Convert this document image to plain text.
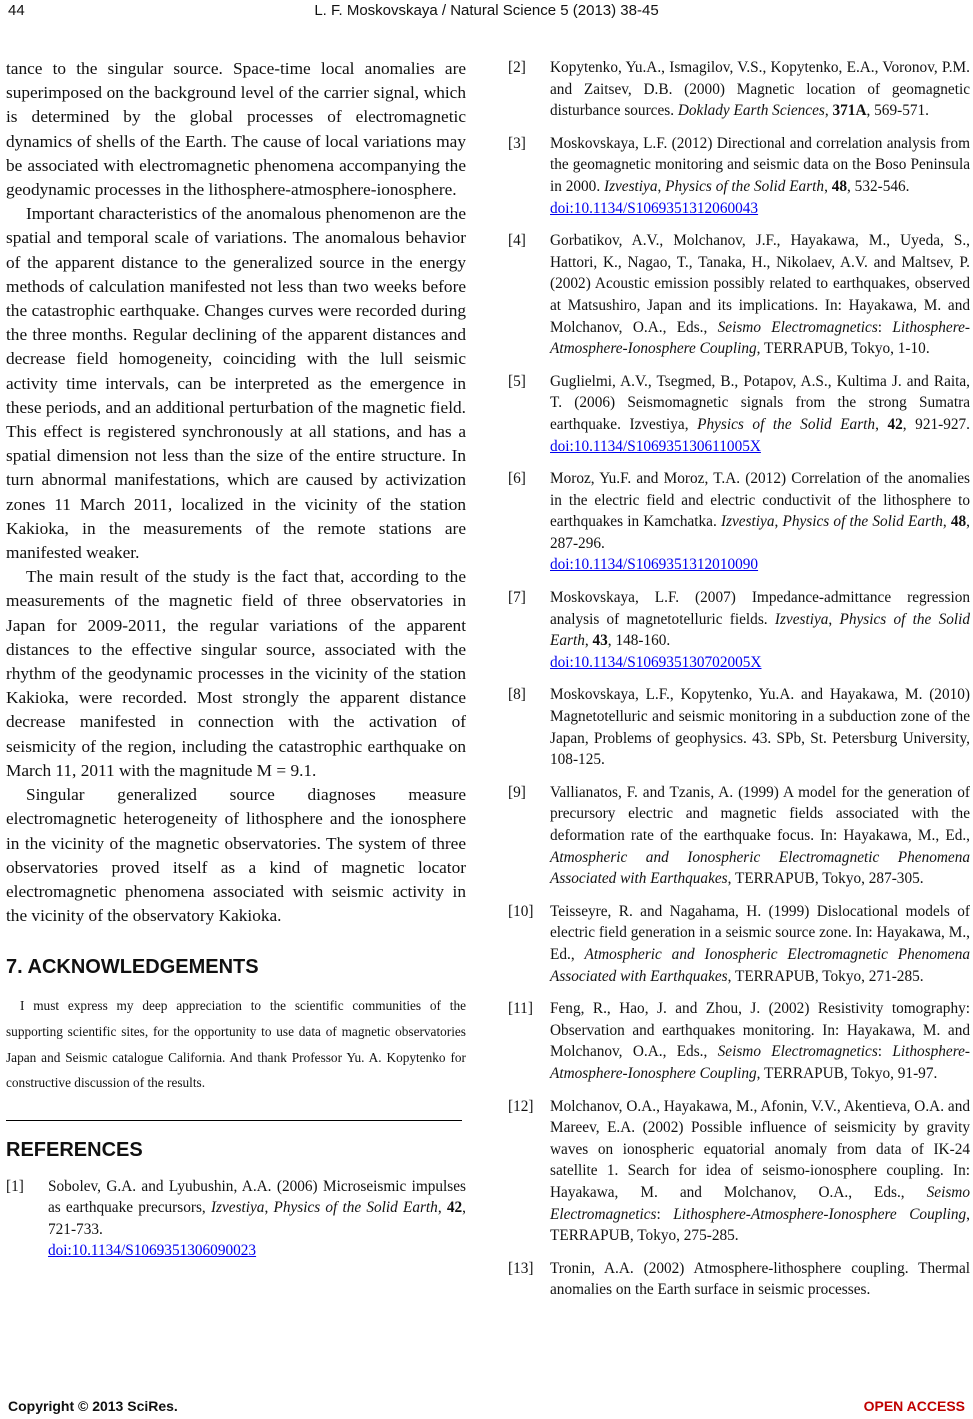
44	L. F. Moskovskaya / Natural Science 5 (2013) 38-45

tance to the singular source. Space-time local anomalies are superimposed on the background level of the carrier signal, which is determined by the global processes of electromagnetic dynamics of shells of the Earth. The cause of local variations may be associated with electromagnetic phenomena accompanying the geodynamic processes in the lithosphere-atmosphere-ionosphere.

Important characteristics of the anomalous phenomenon are the spatial and temporal scale of variations. The anomalous behavior of the apparent distance to the generalized source in the energy methods of calculation manifested not less than two weeks before the catastrophic earthquake. Changes curves were recorded during the three months. Regular declining of the apparent distances and decrease field homogeneity, coinciding with the lull seismic activity time intervals, can be interpreted as the emergence in these periods, and an additional perturbation of the magnetic field. This effect is registered synchronously at all stations, and has a spatial dimension not less than the size of the entire structure. In turn abnormal manifestations, which are caused by activization zones 11 March 2011, localized in the vicinity of the station Kakioka, in the measurements of the remote stations are manifested weaker.

The main result of the study is the fact that, according to the measurements of the magnetic field of three observatories in Japan for 2009-2011, the regular variations of the apparent distances to the effective singular source, associated with the rhythm of the geodynamic processes in the vicinity of the station Kakioka, were recorded. Most strongly the apparent distance decrease manifested in connection with the activation of seismicity of the region, including the catastrophic earthquake on March 11, 2011 with the magnitude M = 9.1.

Singular generalized source diagnoses measure electromagnetic heterogeneity of lithosphere and the ionosphere in the vicinity of the magnetic observatories. The system of three observatories proved itself as a kind of magnetic locator electromagnetic phenomena associated with seismic activity in the vicinity of the observatory Kakioka.

7. ACKNOWLEDGEMENTS

I must express my deep appreciation to the scientific communities of the supporting scientific sites, for the opportunity to use data of magnetic observatories Japan and Seismic catalogue California. And thank Professor Yu. A. Kopytenko for constructive discussion of the results.

REFERENCES

[1] Sobolev, G.A. and Lyubushin, A.A. (2006) Microseismic impulses as earthquake precursors, Izvestiya, Physics of the Solid Earth, 42, 721-733.
doi:10.1134/S1069351306090023

[2] Kopytenko, Yu.A., Ismagilov, V.S., Kopytenko, E.A., Voronov, P.M. and Zaitsev, D.B. (2000) Magnetic location of geomagnetic disturbance sources. Doklady Earth Sciences, 371A, 569-571.

[3] Moskovskaya, L.F. (2012) Directional and correlation analysis from the geomagnetic monitoring and seismic data on the Boso Peninsula in 2000. Izvestiya, Physics of the Solid Earth, 48, 532-546.
doi:10.1134/S1069351312060043

[4] Gorbatikov, A.V., Molchanov, J.F., Hayakawa, M., Uyeda, S., Hattori, K., Nagao, T., Tanaka, H., Nikolaev, A.V. and Maltsev, P. (2002) Acoustic emission possibly related to earthquakes, observed at Matsushiro, Japan and its implications. In: Hayakawa, M. and Molchanov, O.A., Eds., Seismo Electromagnetics: Lithosphere-Atmosphere-Ionosphere Coupling, TERRAPUB, Tokyo, 1-10.

[5] Guglielmi, A.V., Tsegmed, B., Potapov, A.S., Kultima J. and Raita, T. (2006) Seismomagnetic signals from the strong Sumatra earthquake. Izvestiya, Physics of the Solid Earth, 42, 921-927. doi:10.1134/S106935130611005X

[6] Moroz, Yu.F. and Moroz, T.A. (2012) Correlation of the anomalies in the electric field and electric conductivit of the lithosphere to earthquakes in Kamchatka. Izvestiya, Physics of the Solid Earth, 48, 287-296.
doi:10.1134/S1069351312010090

[7] Moskovskaya, L.F. (2007) Impedance-admittance regression analysis of magnetotelluric fields. Izvestiya, Physics of the Solid Earth, 43, 148-160.
doi:10.1134/S106935130702005X

[8] Moskovskaya, L.F., Kopytenko, Yu.A. and Hayakawa, M. (2010) Magnetotelluric and seismic monitoring in a subduction zone of the Japan, Problems of geophysics. 43. SPb, St. Petersburg University, 108-125.

[9] Vallianatos, F. and Tzanis, A. (1999) A model for the generation of precursory electric and magnetic fields associated with the deformation rate of the earthquake focus. In: Hayakawa, M., Ed., Atmospheric and Ionospheric Electromagnetic Phenomena Associated with Earthquakes, TERRAPUB, Tokyo, 287-305.

[10] Teisseyre, R. and Nagahama, H. (1999) Dislocational models of electric field generation in a seismic source zone. In: Hayakawa, M., Ed., Atmospheric and Ionospheric Electromagnetic Phenomena Associated with Earthquakes, TERRAPUB, Tokyo, 271-285.

[11] Feng, R., Hao, J. and Zhou, J. (2002) Resistivity tomography: Observation and earthquakes monitoring. In: Hayakawa, M. and Molchanov, O.A., Eds., Seismo Electromagnetics: Lithosphere-Atmosphere-Ionosphere Coupling, TERRAPUB, Tokyo, 91-97.

[12] Molchanov, O.A., Hayakawa, M., Afonin, V.V., Akentieva, O.A. and Mareev, E.A. (2002) Possible influence of seismicity by gravity waves on ionospheric equatorial anomaly from data of IK-24 satellite 1. Search for idea of seismo-ionosphere coupling. In: Hayakawa, M. and Molchanov, O.A., Eds., Seismo Electromagnetics: Lithosphere-Atmosphere-Ionosphere Coupling, TERRAPUB, Tokyo, 275-285.

[13] Tronin, A.A. (2002) Atmosphere-lithosphere coupling. Thermal anomalies on the Earth surface in seismic processes.

Copyright © 2013 SciRes.	OPEN ACCESS
